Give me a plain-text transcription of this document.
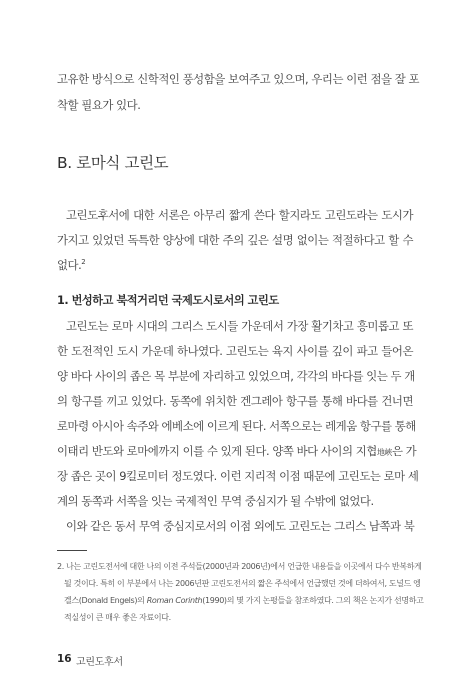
고유한 방식으로 신학적인 풍성함을 보여주고 있으며, 우리는 이런 점을 잘 포
착할 필요가 있다.
B. 로마식 고린도
고린도후서에 대한 서론은 아무리 짧게 쓴다 할지라도 고린도라는 도시가
가지고 있었던 독특한 양상에 대한 주의 깊은 설명 없이는 적절하다고 할 수
없다.$^2$
1. 번성하고 북적거리던 국제도시로서의 고린도
고린도는 로마 시대의 그리스 도시들 가운데서 가장 활기차고 흥미롭고 또
한 도전적인 도시 가운데 하나였다. 고린도는 육지 사이를 깊이 파고 들어온
양 바다 사이의 좁은 목 부분에 자리하고 있었으며, 각각의 바다를 잇는 두 개
의 항구를 끼고 있었다. 동쪽에 위치한 겐그레아 항구를 통해 바다를 건너면
로마령 아시아 속주와 에베소에 이르게 된다. 서쪽으로는 레게움 항구를 통해
이태리 반도와 로마에까지 이를 수 있게 된다. 양쪽 바다 사이의 지협地峽은 가
장 좁은 곳이 9킬로미터 정도였다. 이런 지리적 이점 때문에 고린도는 로마 세
계의 동쪽과 서쪽을 잇는 국제적인 무역 중심지가 될 수밖에 없었다.
이와 같은 동서 무역 중심지로서의 이점 외에도 고린도는 그리스 남쪽과 북
2. 나는 고린도전서에 대한 나의 이전 주석들(2000년과 2006년)에서 언급한 내용들을 이곳에서 다수 반복하게
될 것이다. 특히 이 부분에서 나는 2006년판 고린도전서의 짧은 주석에서 언급했던 것에 더하여서, 도널드 엥
겔스(Donald Engels)의 Roman Corinth(1990)의 몇 가지 논평들을 참조하였다. 그의 책은 논지가 선명하고
적실성이 큰 매우 좋은 자료이다.
16 고린도후서
